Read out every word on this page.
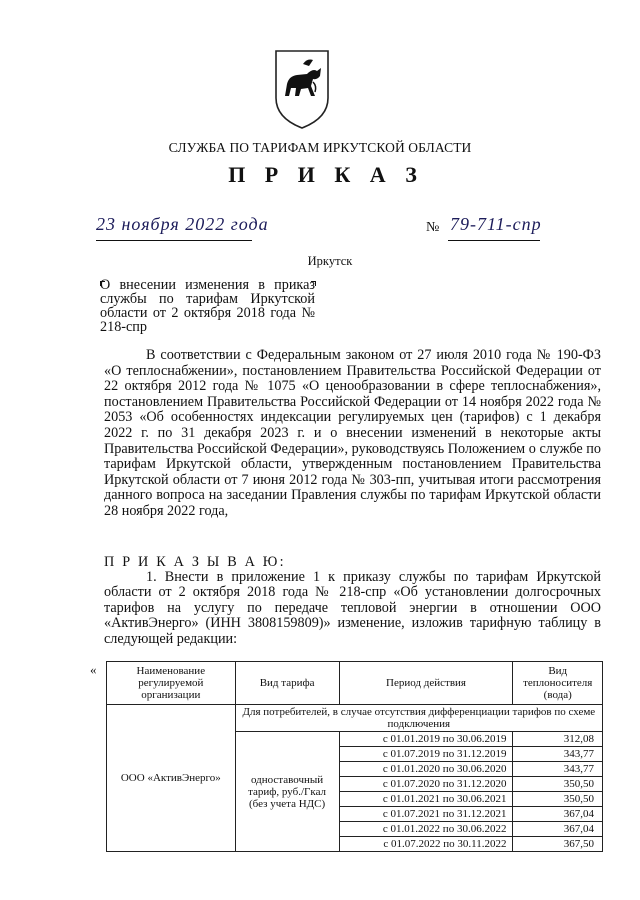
СЛУЖБА ПО ТАРИФАМ ИРКУТСКОЙ ОБЛАСТИ
П Р И К А З
23 ноября 2022 года	№ 79-711-спр
Иркутск
О внесении изменения в приказ службы по тарифам Иркутской области от 2 октября 2018 года № 218-спр

В соответствии с Федеральным законом от 27 июля 2010 года № 190-ФЗ «О теплоснабжении», постановлением Правительства Российской Федерации от 22 октября 2012 года № 1075 «О ценообразовании в сфере теплоснабжения», постановлением Правительства Российской Федерации от 14 ноября 2022 года № 2053 «Об особенностях индексации регулируемых цен (тарифов) с 1 декабря 2022 г. по 31 декабря 2023 г. и о внесении изменений в некоторые акты Правительства Российской Федерации», руководствуясь Положением о службе по тарифам Иркутской области, утвержденным постановлением Правительства Иркутской области от 7 июня 2012 года № 303-пп, учитывая итоги рассмотрения данного вопроса на заседании Правления службы по тарифам Иркутской области 28 ноября 2022 года,

П Р И К А З Ы В А Ю:
1. Внести в приложение 1 к приказу службы по тарифам Иркутской области от 2 октября 2018 года № 218-спр «Об установлении долгосрочных тарифов на услугу по передаче тепловой энергии в отношении ООО «АктивЭнерго» (ИНН 3808159809)» изменение, изложив тарифную таблицу в следующей редакции:
«	Наименование регулируемой организации	Вид тарифа	Период действия	Вид теплоносителя (вода)
ООО «АктивЭнерго»	Для потребителей, в случае отсутствия дифференциации тарифов по схеме подключения		
	одноставочный тариф, руб./Гкал (без учета НДС)	с 01.01.2019 по 30.06.2019	312,08
		с 01.07.2019 по 31.12.2019	343,77
		с 01.01.2020 по 30.06.2020	343,77
		с 01.07.2020 по 31.12.2020	350,50
		с 01.01.2021 по 30.06.2021	350,50
		с 01.07.2021 по 31.12.2021	367,04
		с 01.01.2022 по 30.06.2022	367,04
		с 01.07.2022 по 30.11.2022	367,50
